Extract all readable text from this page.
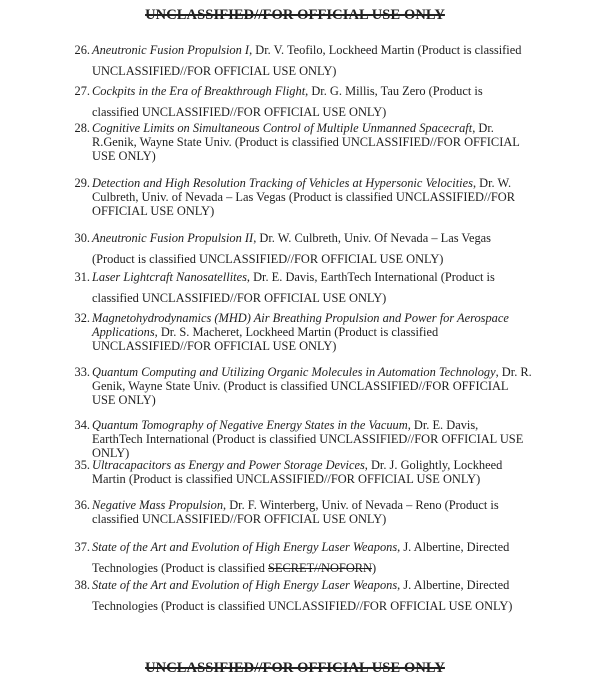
UNCLASSIFIED//FOR OFFICIAL USE ONLY
26. Aneutronic Fusion Propulsion I, Dr. V. Teofilo, Lockheed Martin (Product is classified UNCLASSIFIED//FOR OFFICIAL USE ONLY)
27. Cockpits in the Era of Breakthrough Flight, Dr. G. Millis, Tau Zero (Product is classified UNCLASSIFIED//FOR OFFICIAL USE ONLY)
28. Cognitive Limits on Simultaneous Control of Multiple Unmanned Spacecraft, Dr. R.Genik, Wayne State Univ. (Product is classified UNCLASSIFIED//FOR OFFICIAL USE ONLY)
29. Detection and High Resolution Tracking of Vehicles at Hypersonic Velocities, Dr. W. Culbreth, Univ. of Nevada – Las Vegas (Product is classified UNCLASSIFIED//FOR OFFICIAL USE ONLY)
30. Aneutronic Fusion Propulsion II, Dr. W. Culbreth, Univ. Of Nevada – Las Vegas (Product is classified UNCLASSIFIED//FOR OFFICIAL USE ONLY)
31. Laser Lightcraft Nanosatellites, Dr. E. Davis, EarthTech International (Product is classified UNCLASSIFIED//FOR OFFICIAL USE ONLY)
32. Magnetohydrodynamics (MHD) Air Breathing Propulsion and Power for Aerospace Applications, Dr. S. Macheret, Lockheed Martin (Product is classified UNCLASSIFIED//FOR OFFICIAL USE ONLY)
33. Quantum Computing and Utilizing Organic Molecules in Automation Technology, Dr. R. Genik, Wayne State Univ. (Product is classified UNCLASSIFIED//FOR OFFICIAL USE ONLY)
34. Quantum Tomography of Negative Energy States in the Vacuum, Dr. E. Davis, EarthTech International (Product is classified UNCLASSIFIED//FOR OFFICIAL USE ONLY)
35. Ultracapacitors as Energy and Power Storage Devices, Dr. J. Golightly, Lockheed Martin (Product is classified UNCLASSIFIED//FOR OFFICIAL USE ONLY)
36. Negative Mass Propulsion, Dr. F. Winterberg, Univ. of Nevada – Reno (Product is classified UNCLASSIFIED//FOR OFFICIAL USE ONLY)
37. State of the Art and Evolution of High Energy Laser Weapons, J. Albertine, Directed Technologies (Product is classified SECRET//NOFORN)
38. State of the Art and Evolution of High Energy Laser Weapons, J. Albertine, Directed Technologies (Product is classified UNCLASSIFIED//FOR OFFICIAL USE ONLY)
UNCLASSIFIED//FOR OFFICIAL USE ONLY
